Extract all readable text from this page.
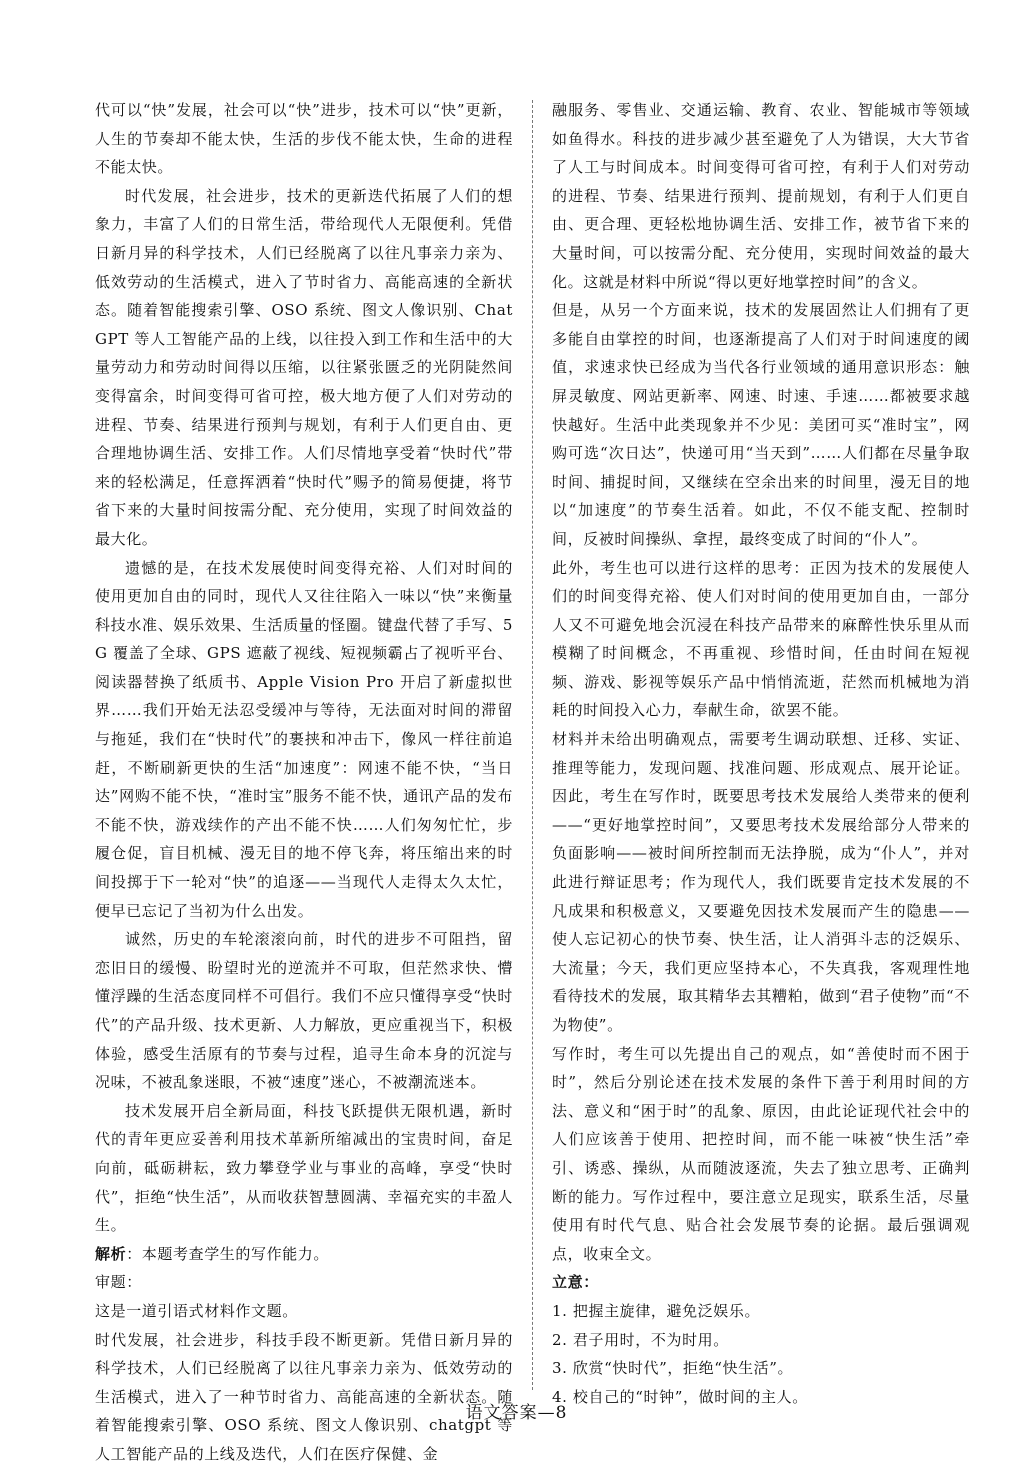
代可以“快”发展，社会可以“快”进步，技术可以“快”更新，人生的节奏却不能太快，生活的步伐不能太快，生命的进程不能太快。

时代发展，社会进步，技术的更新迭代拓展了人们的想象力，丰富了人们的日常生活，带给现代人无限便利。凭借日新月异的科学技术，人们已经脱离了以往凡事亲力亲为、低效劳动的生活模式，进入了节时省力、高能高速的全新状态。随着智能搜索引擎、OSO 系统、图文人像识别、ChatGPT 等人工智能产品的上线，以往投入到工作和生活中的大量劳动力和劳动时间得以压缩，以往紧张匮乏的光阴陡然间变得富余，时间变得可省可控，极大地方便了人们对劳动的进程、节奏、结果进行预判与规划，有利于人们更自由、更合理地协调生活、安排工作。人们尽情地享受着“快时代”带来的轻松满足，任意挥洒着“快时代”赐予的简易便捷，将节省下来的大量时间按需分配、充分使用，实现了时间效益的最大化。

遗憾的是，在技术发展使时间变得充裕、人们对时间的使用更加自由的同时，现代人又往往陷入一味以“快”来衡量科技水准、娱乐效果、生活质量的怪圈。键盘代替了手写、5G 覆盖了全球、GPS 遮蔽了视线、短视频霸占了视听平台、阅读器替换了纸质书、Apple Vision Pro 开启了新虚拟世界……我们开始无法忍受缓冲与等待，无法面对时间的滞留与拖延，我们在“快时代”的裹挟和冲击下，像风一样往前追赶，不断刷新更快的生活“加速度”：网速不能不快，“当日达”网购不能不快，“准时宝”服务不能不快，通讯产品的发布不能不快，游戏续作的产出不能不快……人们匆匆忙忙，步履仓促，盲目机械、漫无目的地不停飞奔，将压缩出来的时间投掷于下一轮对“快”的追逐——当现代人走得太久太忙，便早已忘记了当初为什么出发。

诚然，历史的车轮滚滚向前，时代的进步不可阻挡，留恋旧日的缓慢、盼望时光的逆流并不可取，但茫然求快、懵懂浮躁的生活态度同样不可倡行。我们不应只懂得享受“快时代”的产品升级、技术更新、人力解放，更应重视当下，积极体验，感受生活原有的节奏与过程，追寻生命本身的沉淀与况味，不被乱象迷眼，不被“速度”迷心，不被潮流迷本。

技术发展开启全新局面，科技飞跃提供无限机遇，新时代的青年更应妥善利用技术革新所缩减出的宝贵时间，奋足向前，砥砺耕耘，致力攀登学业与事业的高峰，享受“快时代”，拒绝“快生活”，从而收获智慧圆满、幸福充实的丰盈人生。

解析：本题考查学生的写作能力。

审题：

这是一道引语式材料作文题。

时代发展，社会进步，科技手段不断更新。凭借日新月异的科学技术，人们已经脱离了以往凡事亲力亲为、低效劳动的生活模式，进入了一种节时省力、高能高速的全新状态。随着智能搜索引擎、OSO 系统、图文人像识别、chatgpt 等人工智能产品的上线及迭代，人们在医疗保健、金

融服务、零售业、交通运输、教育、农业、智能城市等领域如鱼得水。科技的进步减少甚至避免了人为错误，大大节省了人工与时间成本。时间变得可省可控，有利于人们对劳动的进程、节奏、结果进行预判、提前规划，有利于人们更自由、更合理、更轻松地协调生活、安排工作，被节省下来的大量时间，可以按需分配、充分使用，实现时间效益的最大化。这就是材料中所说“得以更好地掌控时间”的含义。

但是，从另一个方面来说，技术的发展固然让人们拥有了更多能自由掌控的时间，也逐渐提高了人们对于时间速度的阈值，求速求快已经成为当代各行业领域的通用意识形态：触屏灵敏度、网站更新率、网速、时速、手速……都被要求越快越好。生活中此类现象并不少见：美团可买“准时宝”，网购可选“次日达”，快递可用“当天到”……人们都在尽量争取时间、捕捉时间，又继续在空余出来的时间里，漫无目的地以“加速度”的节奏生活着。如此，不仅不能支配、控制时间，反被时间操纵、拿捏，最终变成了时间的“仆人”。

此外，考生也可以进行这样的思考：正因为技术的发展使人们的时间变得充裕、使人们对时间的使用更加自由，一部分人又不可避免地会沉浸在科技产品带来的麻醉性快乐里从而模糊了时间概念，不再重视、珍惜时间，任由时间在短视频、游戏、影视等娱乐产品中悄悄流逝，茫然而机械地为消耗的时间投入心力，奉献生命，欲罢不能。

材料并未给出明确观点，需要考生调动联想、迁移、实证、推理等能力，发现问题、找准问题、形成观点、展开论证。因此，考生在写作时，既要思考技术发展给人类带来的便利——“更好地掌控时间”，又要思考技术发展给部分人带来的负面影响——被时间所控制而无法挣脱，成为“仆人”，并对此进行辩证思考；作为现代人，我们既要肯定技术发展的不凡成果和积极意义，又要避免因技术发展而产生的隐患——使人忘记初心的快节奏、快生活，让人消弭斗志的泛娱乐、大流量；今天，我们更应坚持本心，不失真我，客观理性地看待技术的发展，取其精华去其糟粕，做到“君子使物”而“不为物使”。

写作时，考生可以先提出自己的观点，如“善使时而不困于时”，然后分别论述在技术发展的条件下善于利用时间的方法、意义和“困于时”的乱象、原因，由此论证现代社会中的人们应该善于使用、把控时间，而不能一味被“快生活”牵引、诱惑、操纵，从而随波逐流，失去了独立思考、正确判断的能力。写作过程中，要注意立足现实，联系生活，尽量使用有时代气息、贴合社会发展节奏的论据。最后强调观点，收束全文。

立意：

1. 把握主旋律，避免泛娱乐。

2. 君子用时，不为时用。

3. 欣赏“快时代”，拒绝“快生活”。

4. 校自己的“时钟”，做时间的主人。

语文答案—8
